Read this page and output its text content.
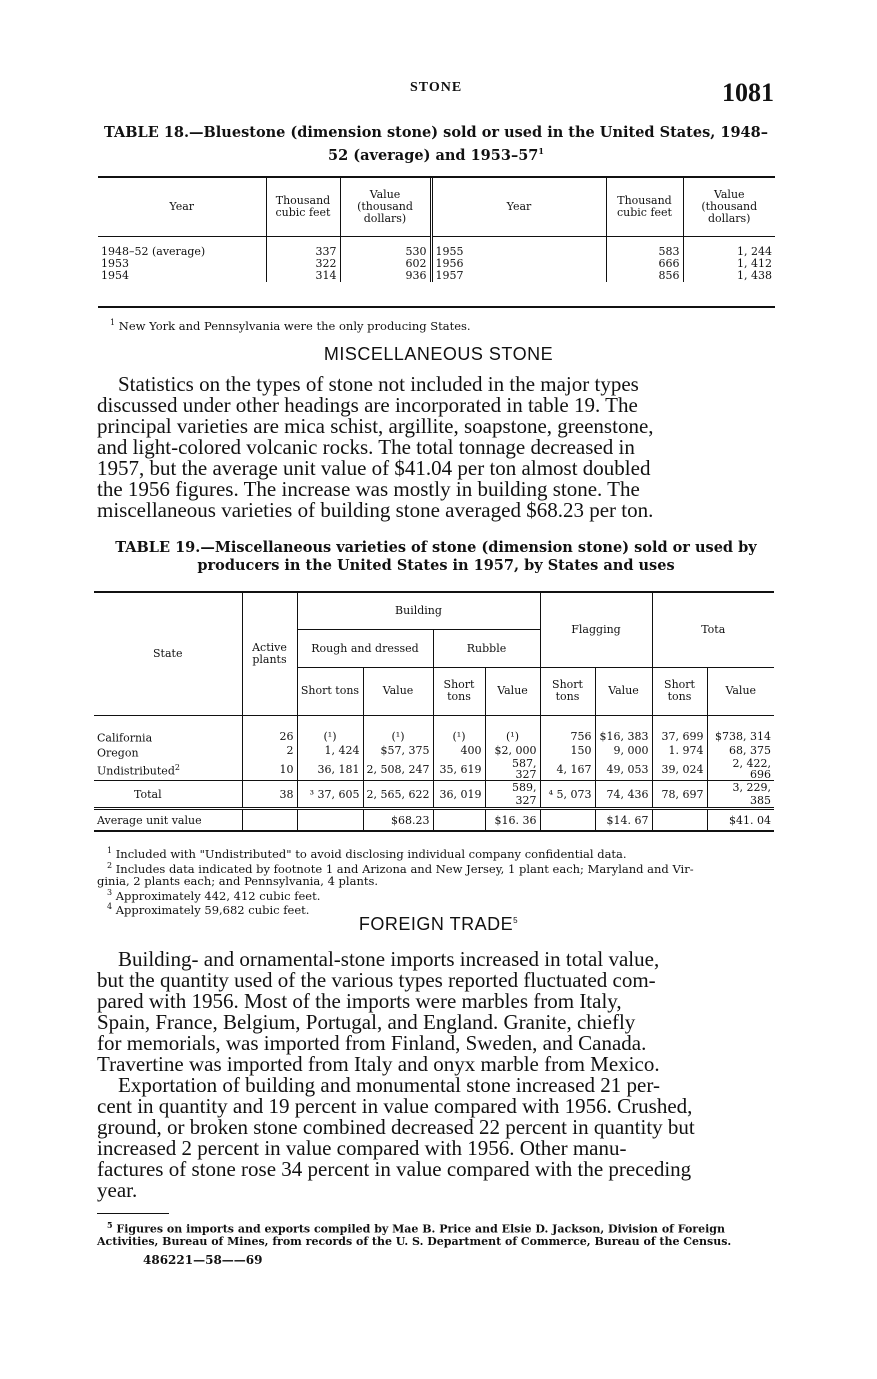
STONE	1081
TABLE 18.—Bluestone (dimension stone) sold or used in the United States, 1948–52 (average) and $1953-57^1$
Year	Thousand cubic feet	Value (thousand dollars)	Year	Thousand cubic feet	Value (thousand dollars)

1948–52 (average)	337	530	1955	583	1, 244
1953	322	602	1956	666	1, 412
1954	314	936	1957	856	1, 438
$^1$ New York and Pennsylvania were the only producing States.
MISCELLANEOUS STONE
Statistics on the types of stone not included in the major types
discussed under other headings are incorporated in table 19. The
principal varieties are mica schist, argillite, soapstone, greenstone,
and light-colored volcanic rocks. The total tonnage decreased in
1957, but the average unit value of $41.04 per ton almost doubled
the 1956 figures. The increase was mostly in building stone. The
miscellaneous varieties of building stone averaged $68.23 per ton.
TABLE 19.—Miscellaneous varieties of stone (dimension stone) sold or used by producers in the United States in 1957, by States and uses
State	Active plants	Building				Flagging		Tota	
		Rough and dressed		Rubble					
		Short tons	Value	Short tons	Value	Short tons	Value	Short tons	Value

California	26	(¹)	(¹)	(¹)	(¹)	756	$16, 383	37, 699	$738, 314
Oregon	2	1, 424	$57, 375	400	$2, 000	150	9, 000	1. 974	68, 375
Undistributed$^2$	10	36, 181	2, 508, 247	35, 619	587, 327	4, 167	49, 053	39, 024	2, 422, 696
Total	38	³ 37, 605	2, 565, 622	36, 019	589, 327	⁴ 5, 073	74, 436	78, 697	3, 229, 385
Average unit value			$68.23		$16. 36		$14. 67		$41. 04
$^1$ Included with "Undistributed" to avoid disclosing individual company confidential data.
$^2$ Includes data indicated by footnote 1 and Arizona and New Jersey, 1 plant each; Maryland and Vir-
ginia, 2 plants each; and Pennsylvania, 4 plants.
$^3$ Approximately 442, 412 cubic feet.
$^4$ Approximately 59,682 cubic feet.
FOREIGN TRADE$^5$
Building- and ornamental-stone imports increased in total value,
but the quantity used of the various types reported fluctuated com-
pared with 1956. Most of the imports were marbles from Italy,
Spain, France, Belgium, Portugal, and England. Granite, chiefly
for memorials, was imported from Finland, Sweden, and Canada.
Travertine was imported from Italy and onyx marble from Mexico.
Exportation of building and monumental stone increased 21 per-
cent in quantity and 19 percent in value compared with 1956. Crushed,
ground, or broken stone combined decreased 22 percent in quantity but
increased 2 percent in value compared with 1956. Other manu-
factures of stone rose 34 percent in value compared with the preceding
year.
$^5$ Figures on imports and exports compiled by Mae B. Price and Elsie D. Jackson, Division of Foreign
Activities, Bureau of Mines, from records of the U. S. Department of Commerce, Bureau of the Census.
486221—58——69
